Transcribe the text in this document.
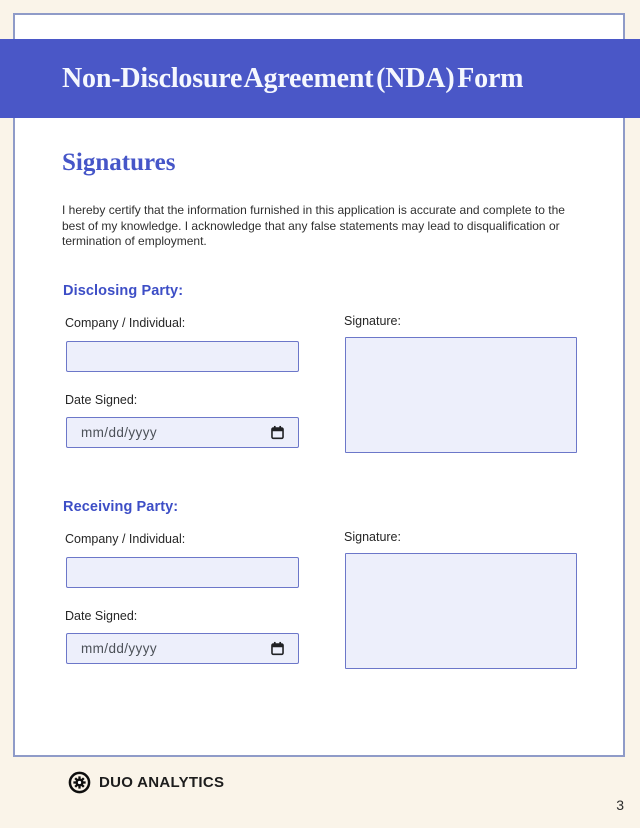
Non-Disclosure Agreement (NDA) Form
Signatures

I hereby certify that the information furnished in this application is accurate and complete to the best of my knowledge. I acknowledge that any false statements may lead to disqualification or termination of employment.

Disclosing Party:
Company / Individual:
Date Signed:
mm/dd/yyyy
Signature:
Receiving Party:
Company / Individual:
Date Signed:
mm/dd/yyyy
Signature:
DUO ANALYTICS
3
